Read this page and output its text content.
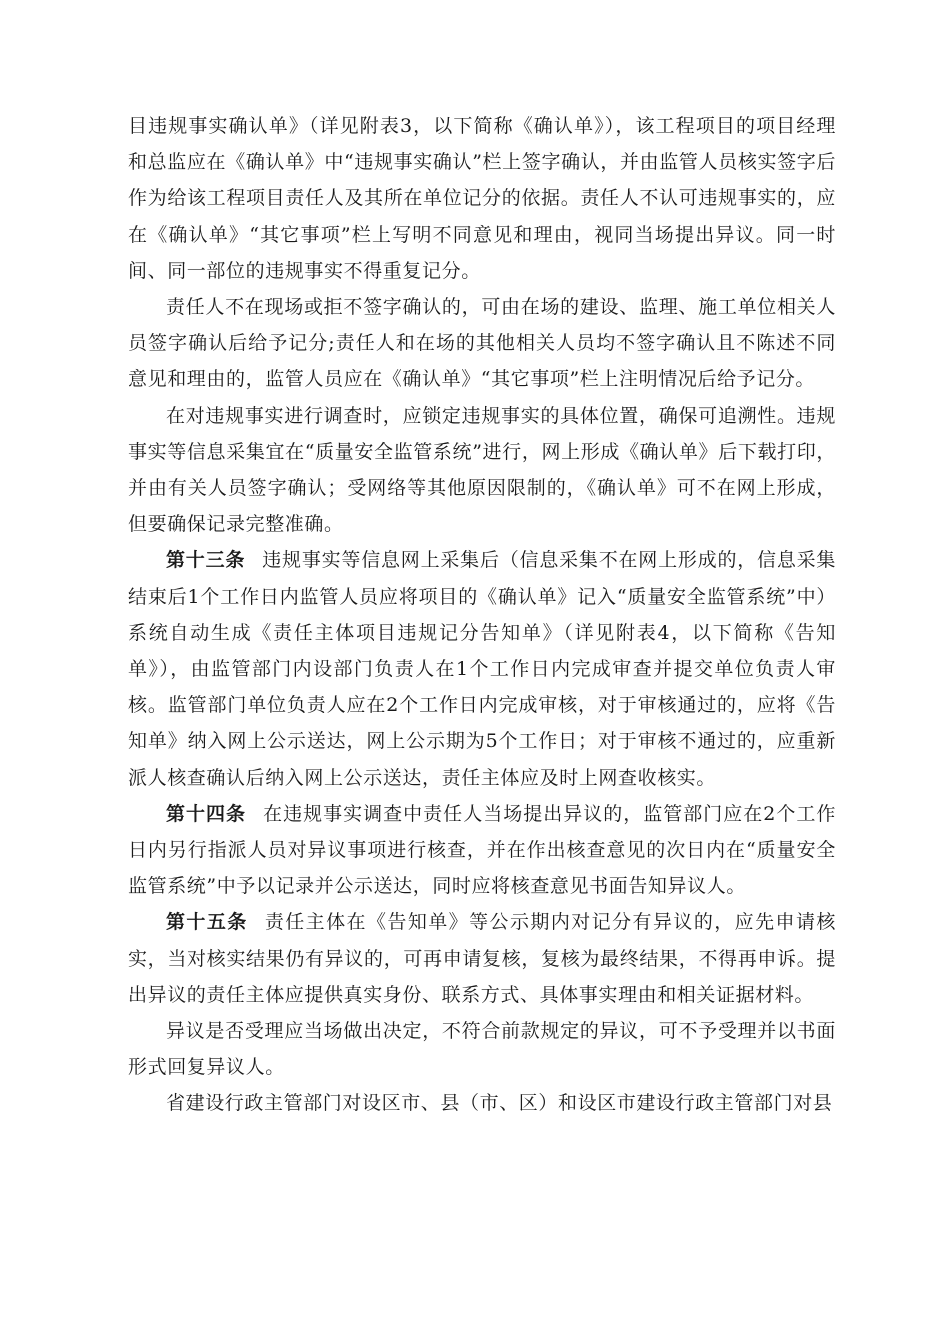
目违规事实确认单》（详见附表3，以下简称《确认单》），该工程项目的项目经理和总监应在《确认单》中“违规事实确认”栏上签字确认，并由监管人员核实签字后作为给该工程项目责任人及其所在单位记分的依据。责任人不认可违规事实的，应在《确认单》“其它事项”栏上写明不同意见和理由，视同当场提出异议。同一时间、同一部位的违规事实不得重复记分。

责任人不在现场或拒不签字确认的，可由在场的建设、监理、施工单位相关人员签字确认后给予记分;责任人和在场的其他相关人员均不签字确认且不陈述不同意见和理由的，监管人员应在《确认单》“其它事项”栏上注明情况后给予记分。

在对违规事实进行调查时，应锁定违规事实的具体位置，确保可追溯性。违规事实等信息采集宜在“质量安全监管系统”进行，网上形成《确认单》后下载打印，并由有关人员签字确认；受网络等其他原因限制的，《确认单》可不在网上形成，但要确保记录完整准确。

第十三条 违规事实等信息网上采集后（信息采集不在网上形成的，信息采集结束后1个工作日内监管人员应将项目的《确认单》记入“质量安全监管系统”中）系统自动生成《责任主体项目违规记分告知单》（详见附表4，以下简称《告知单》），由监管部门内设部门负责人在1个工作日内完成审查并提交单位负责人审核。监管部门单位负责人应在2个工作日内完成审核，对于审核通过的，应将《告知单》纳入网上公示送达，网上公示期为5个工作日；对于审核不通过的，应重新派人核查确认后纳入网上公示送达，责任主体应及时上网查收核实。

第十四条 在违规事实调查中责任人当场提出异议的，监管部门应在2个工作日内另行指派人员对异议事项进行核查，并在作出核查意见的次日内在“质量安全监管系统”中予以记录并公示送达，同时应将核查意见书面告知异议人。

第十五条 责任主体在《告知单》等公示期内对记分有异议的，应先申请核实，当对核实结果仍有异议的，可再申请复核，复核为最终结果，不得再申诉。提出异议的责任主体应提供真实身份、联系方式、具体事实理由和相关证据材料。

异议是否受理应当场做出决定，不符合前款规定的异议，可不予受理并以书面形式回复异议人。

省建设行政主管部门对设区市、县（市、区）和设区市建设行政主管部门对县
